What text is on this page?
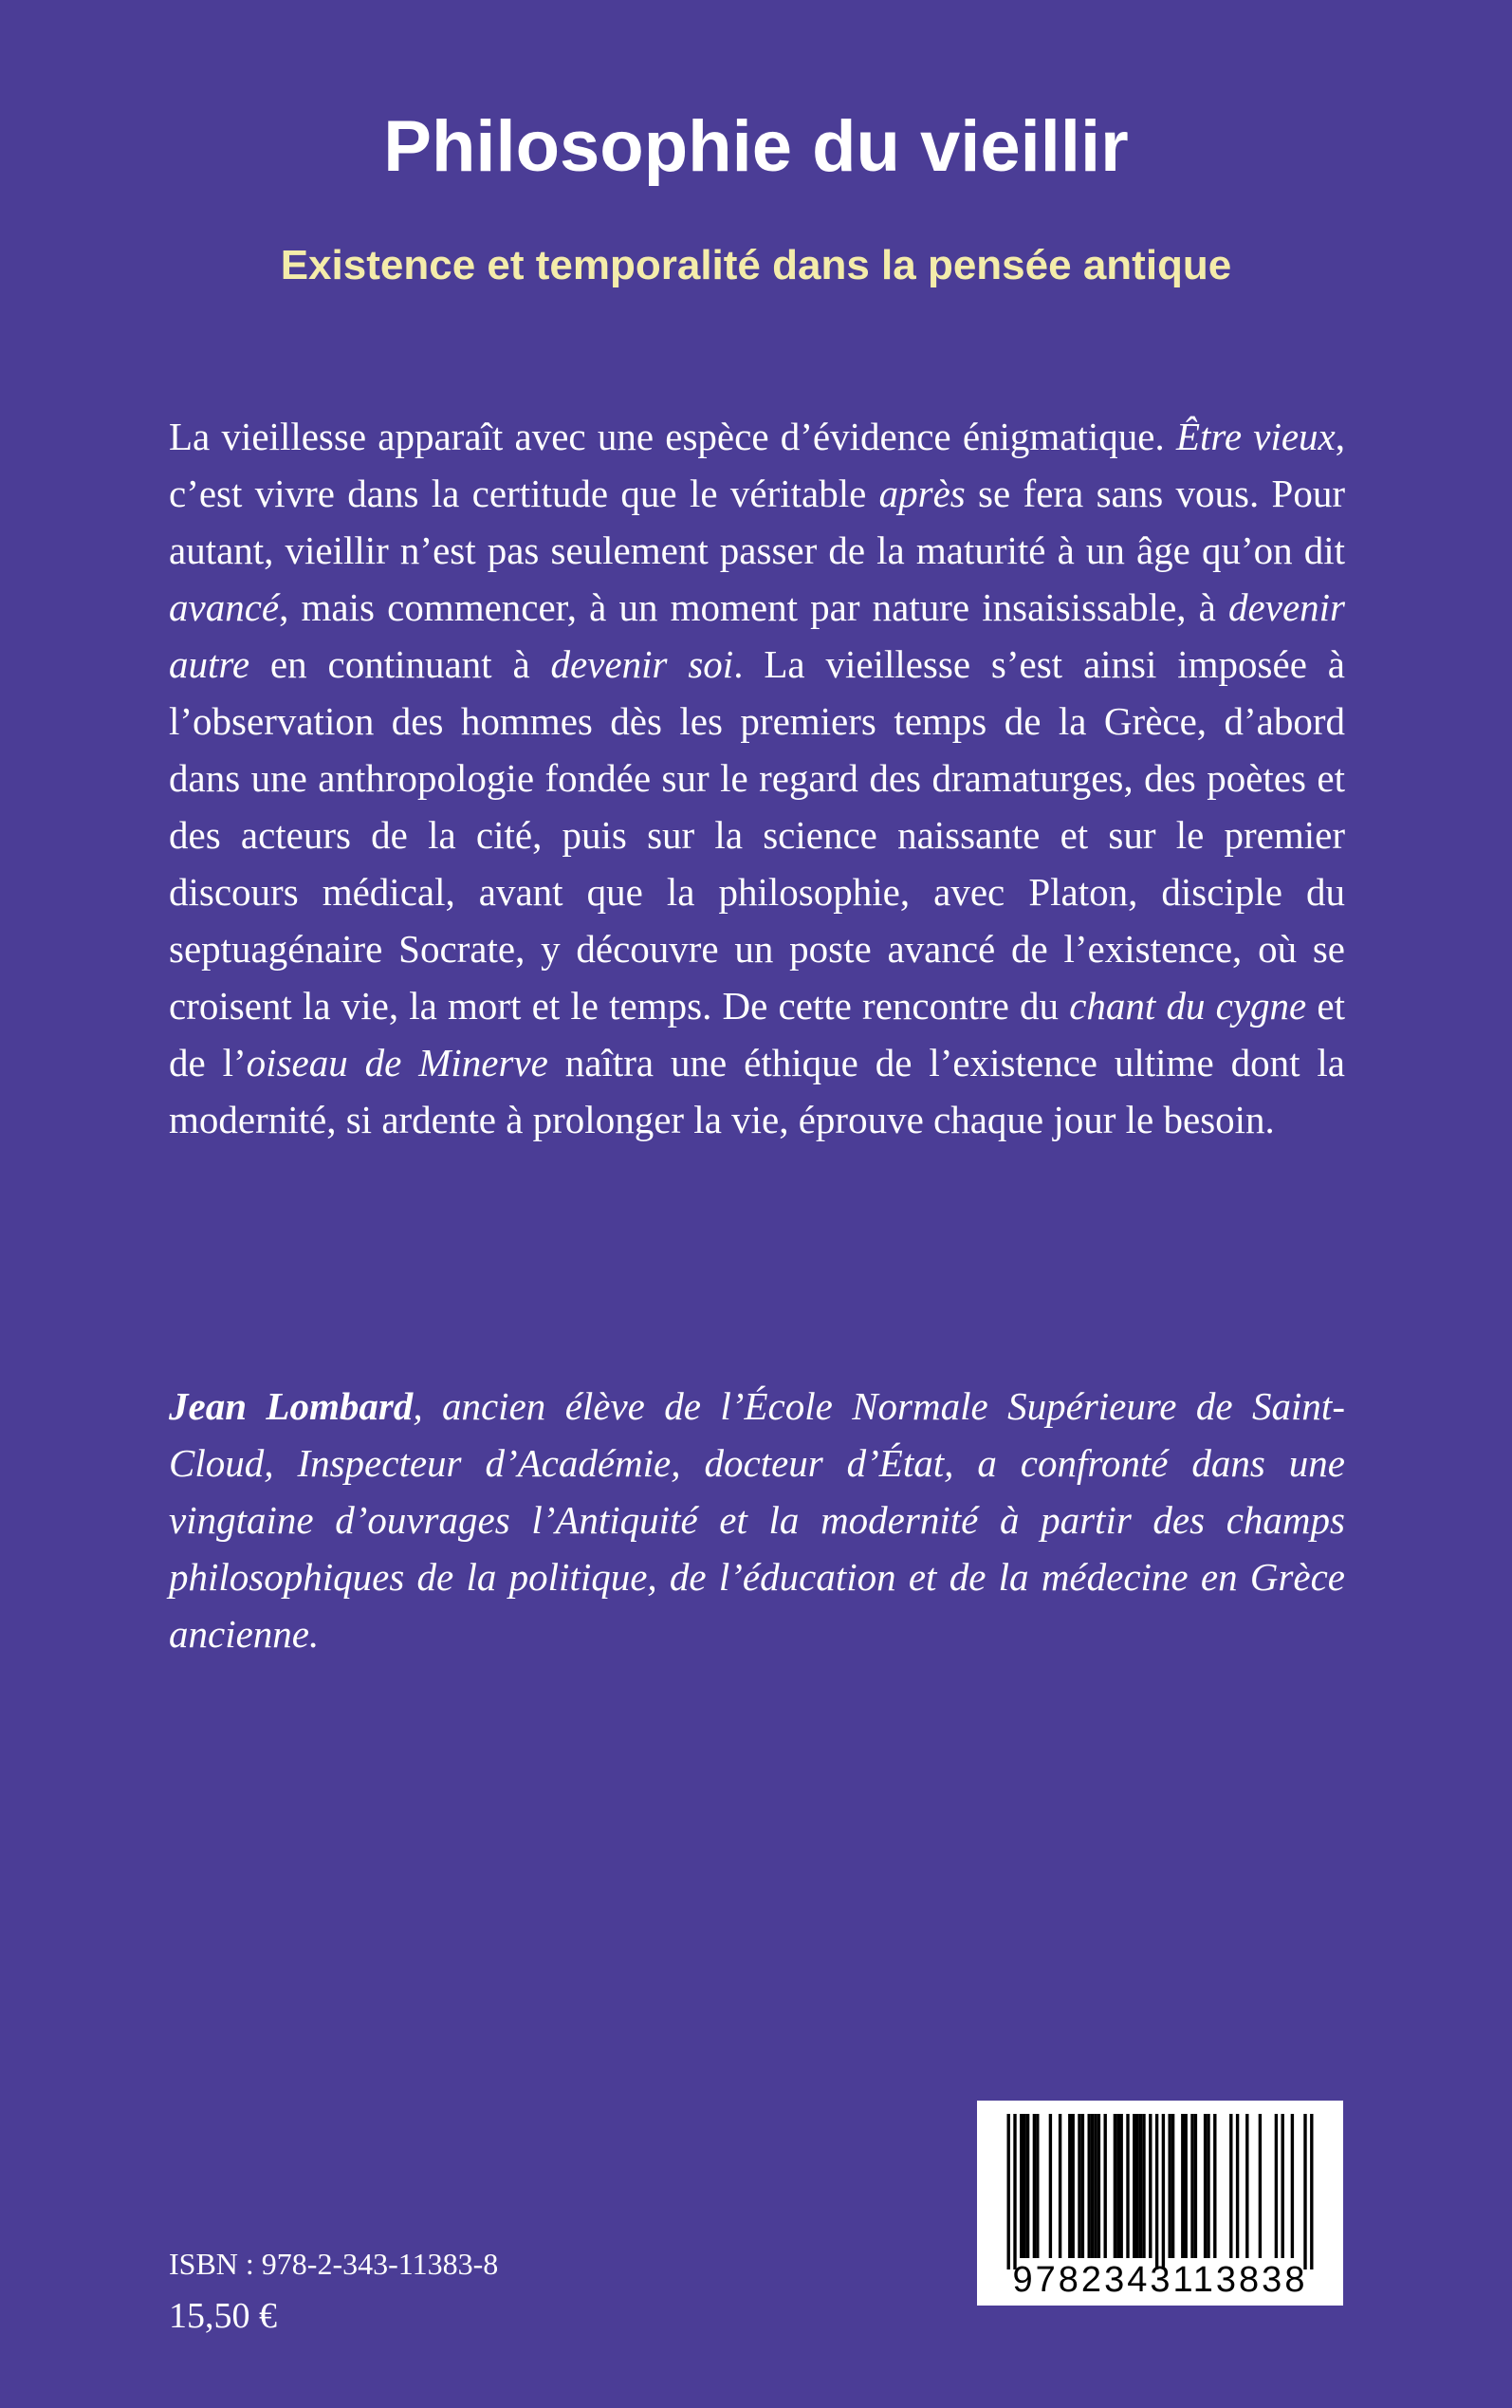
Philosophie du vieillir
Existence et temporalité dans la pensée antique

La vieillesse apparaît avec une espèce d’évidence énigmatique. Être vieux, c’est vivre dans la certitude que le véritable après se fera sans vous. Pour autant, vieillir n’est pas seulement passer de la maturité à un âge qu’on dit avancé, mais commencer, à un moment par nature insaisissable, à devenir autre en continuant à devenir soi. La vieillesse s’est ainsi imposée à l’observation des hommes dès les premiers temps de la Grèce, d’abord dans une anthropologie fondée sur le regard des dramaturges, des poètes et des acteurs de la cité, puis sur la science naissante et sur le premier discours médical, avant que la philosophie, avec Platon, disciple du septuagénaire Socrate, y découvre un poste avancé de l’existence, où se croisent la vie, la mort et le temps. De cette rencontre du chant du cygne et de l’oiseau de Minerve naîtra une éthique de l’existence ultime dont la modernité, si ardente à prolonger la vie, éprouve chaque jour le besoin.

Jean Lombard, ancien élève de l’École Normale Supérieure de Saint-Cloud, Inspecteur d’Académie, docteur d’État, a confronté dans une vingtaine d’ouvrages l’Antiquité et la modernité à partir des champs philosophiques de la politique, de l’éducation et de la médecine en Grèce ancienne.

ISBN : 978-2-343-11383-8
15,50 €
9782343113838
